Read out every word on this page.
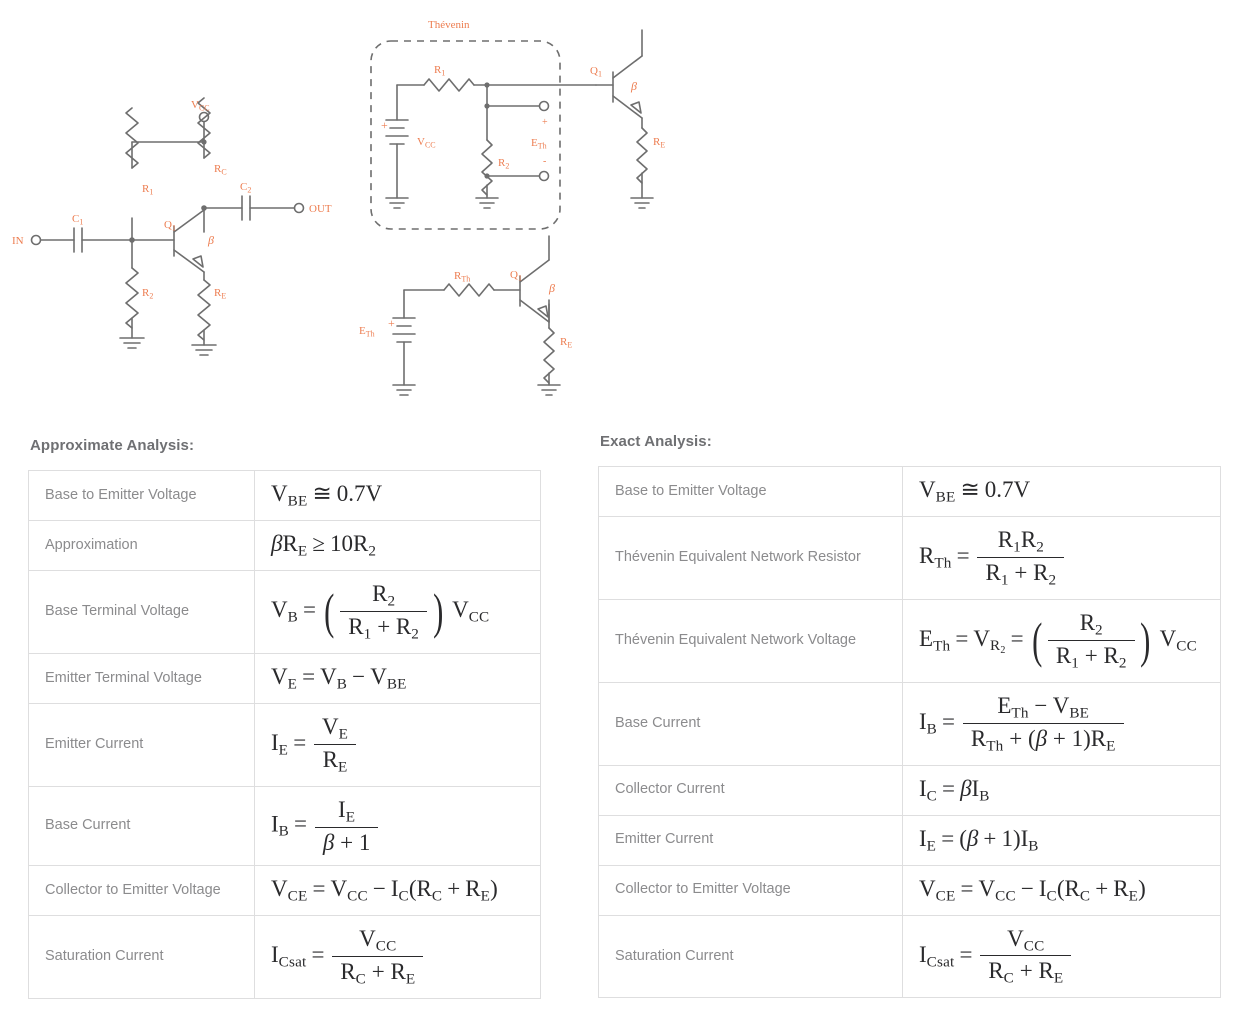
$V_{CC}$
$R_1$
$R_2$
$R_C$
$R_E$
$C_1$
$C_2$
$Q_1$
β
IN
OUT
Thévenin
$R_1$
$R_2$
$V_{CC}$	$E_{Th}$
$Q_1$
β
$R_E$
+	+
-
$R_{Th}$
$E_{Th}$
$Q_1$
β
$R_E$
+
Approximate Analysis:
Base to Emitter Voltage	$V_{BE}$ ≅ 0.7V
Approximation	$\beta R_E \ge 10R_2$
Base Terminal Voltage	$V_B$ = ( $\frac{R_2}{R_1 + R_2}$ ) $V_{CC}$
Emitter Terminal Voltage	$V_E = V_B - V_{BE}$
Emitter Current	$I_E = \frac{V_E}{R_E}$

Base Current	$I_B = \frac{I_E}{\beta + 1}$

Collector to Emitter Voltage	$V_{CE} = V_{CC} - I_C(R_C + R_E)$
Saturation Current	$I_{Csat} = \frac{V_{CC}}{R_C + R_E}$
Exact Analysis:
Base to Emitter Voltage	$V_{BE}$ ≅ 0.7V
Thévenin Equivalent Network Resistor	$R_{Th} = \frac{R_1R_2}{R_1 + R_2}$

Thévenin Equivalent Network Voltage	$E_{Th} = V_{R_2}$ = ( $\frac{R_2}{R_1 + R_2}$ ) $V_{CC}$
Base Current	$I_B = \frac{E_{Th} - V_{BE}}{R_{Th} + (\beta + 1)R_E}$

Collector Current	$I_C = \beta I_B$
Emitter Current	$I_E = (\beta + 1)I_B$
Collector to Emitter Voltage	$V_{CE} = V_{CC} - I_C(R_C + R_E)$
Saturation Current	$I_{Csat} = \frac{V_{CC}}{R_C + R_E}$
